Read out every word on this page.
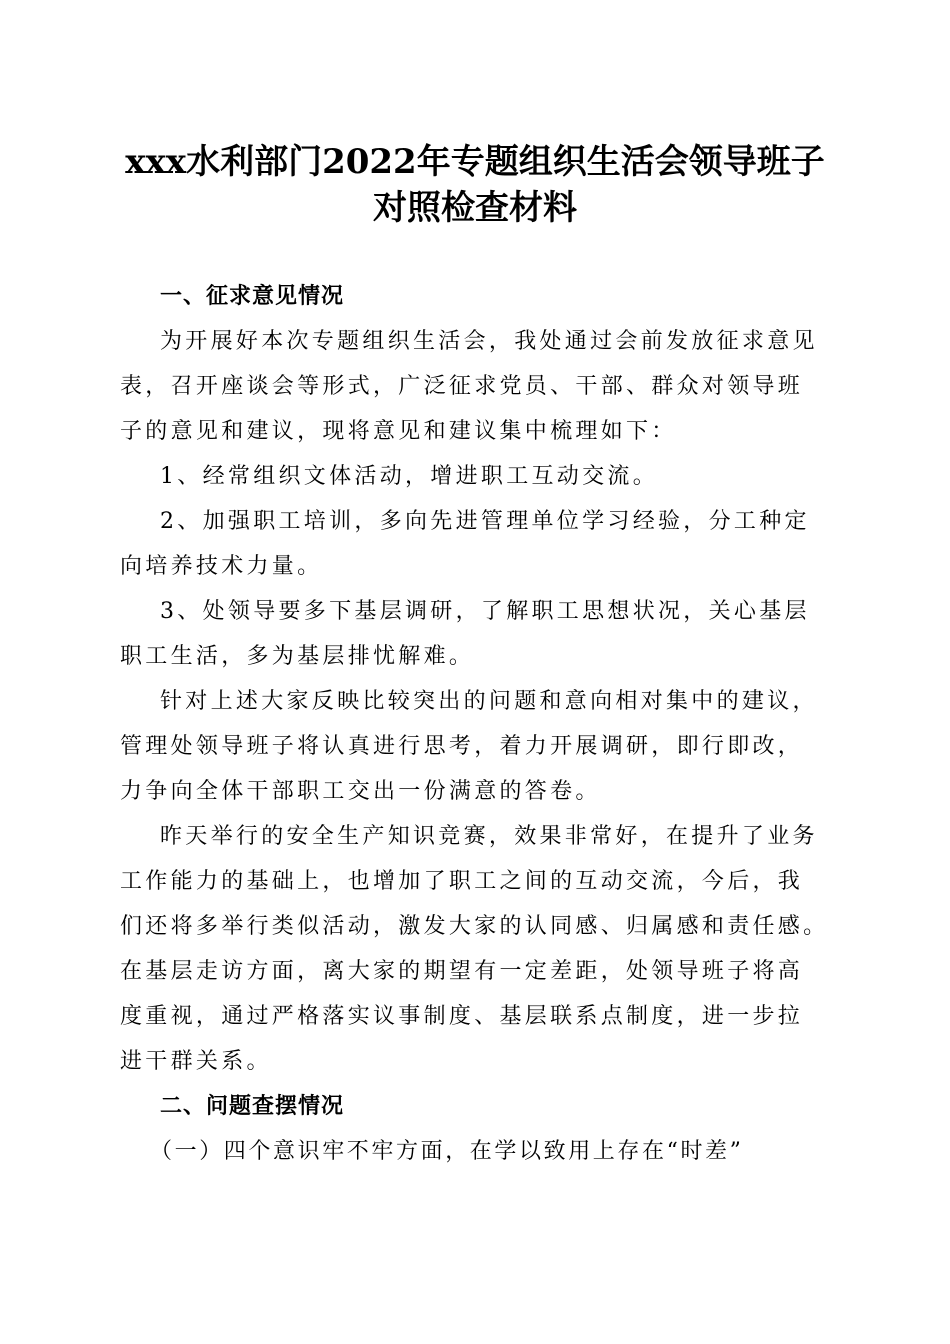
xxx水利部门2022年专题组织生活会领导班子
对照检查材料
一、征求意见情况
为开展好本次专题组织生活会，我处通过会前发放征求意见
表，召开座谈会等形式，广泛征求党员、干部、群众对领导班
子的意见和建议，现将意见和建议集中梳理如下：
1、经常组织文体活动，增进职工互动交流。
2、加强职工培训，多向先进管理单位学习经验，分工种定
向培养技术力量。
3、处领导要多下基层调研，了解职工思想状况，关心基层
职工生活，多为基层排忧解难。
针对上述大家反映比较突出的问题和意向相对集中的建议，
管理处领导班子将认真进行思考，着力开展调研，即行即改，
力争向全体干部职工交出一份满意的答卷。
昨天举行的安全生产知识竞赛，效果非常好，在提升了业务
工作能力的基础上，也增加了职工之间的互动交流，今后，我
们还将多举行类似活动，激发大家的认同感、归属感和责任感。
在基层走访方面，离大家的期望有一定差距，处领导班子将高
度重视，通过严格落实议事制度、基层联系点制度，进一步拉
进干群关系。
二、问题查摆情况
（一）四个意识牢不牢方面，在学以致用上存在“时差”
